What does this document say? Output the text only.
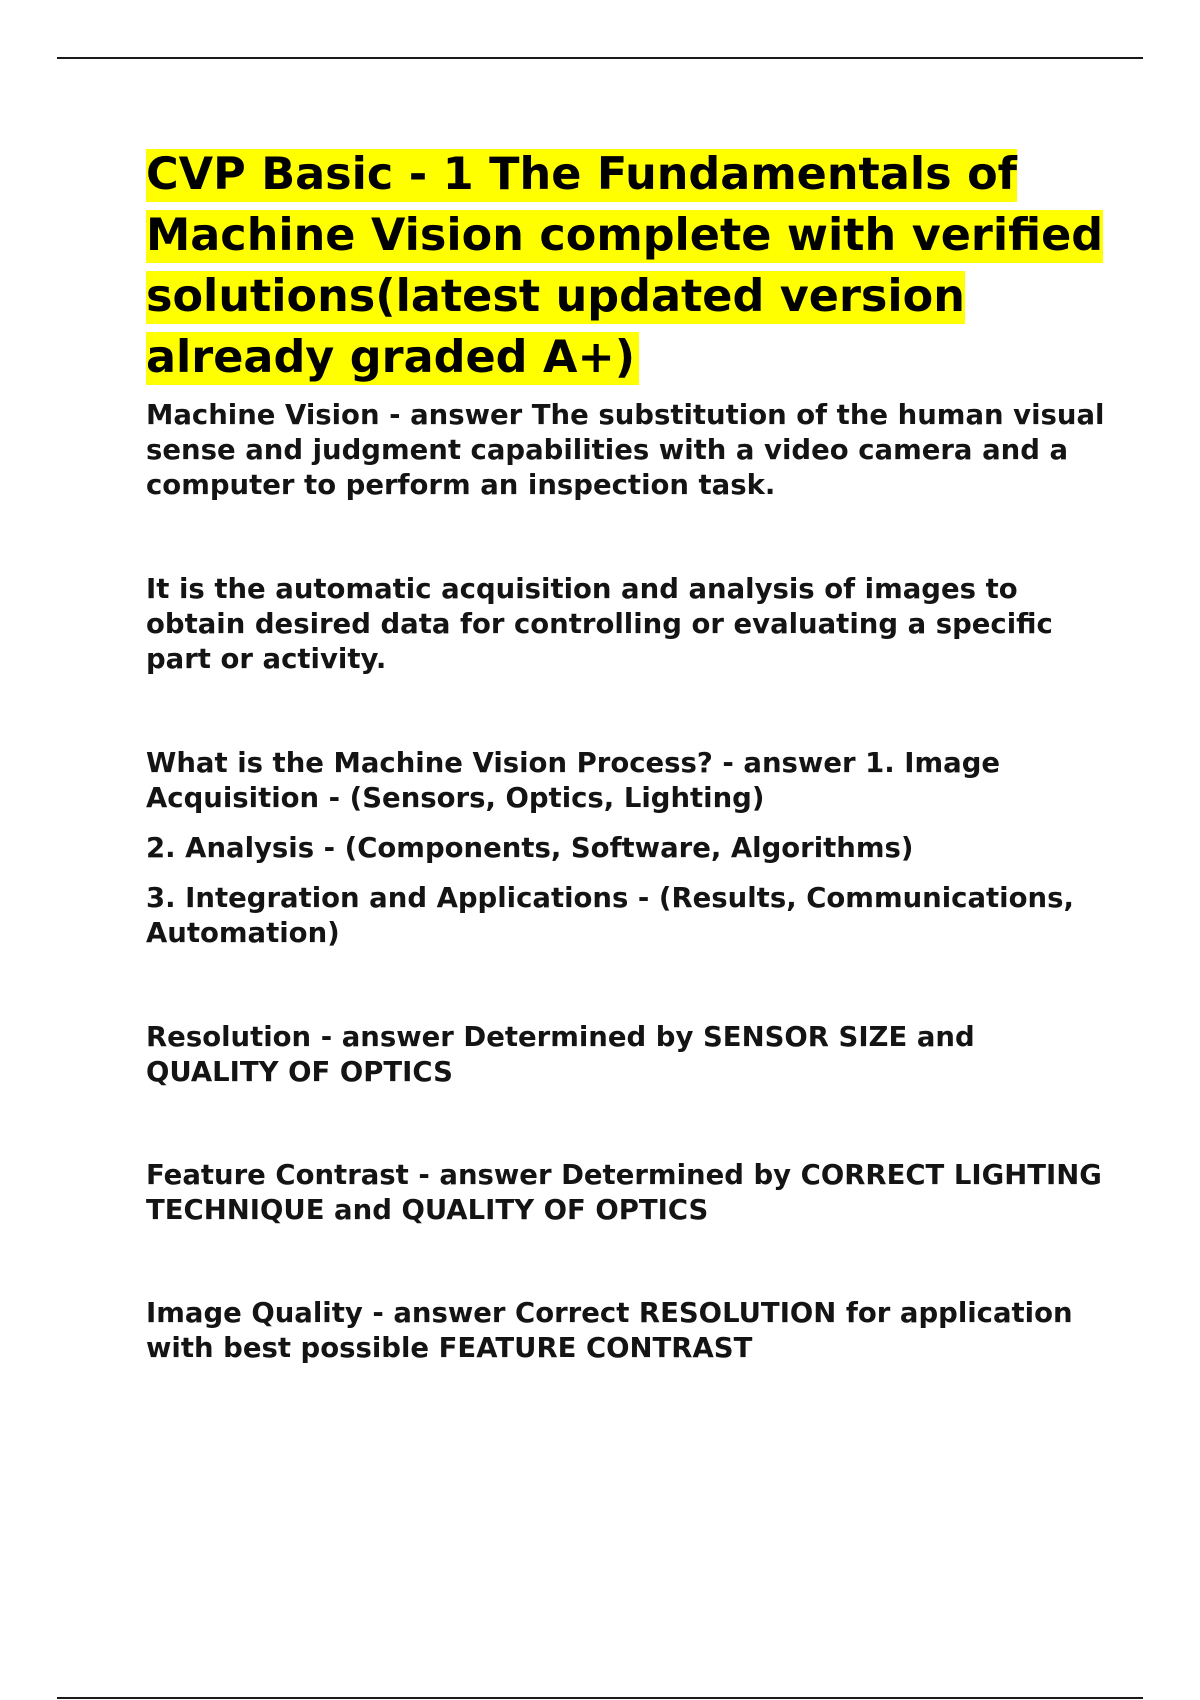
CVP Basic - 1 The Fundamentals of Machine Vision complete with verified solutions(latest updated version already graded A+)

Machine Vision - answer The substitution of the human visual sense and judgment capabilities with a video camera and a computer to perform an inspection task.

It is the automatic acquisition and analysis of images to obtain desired data for controlling or evaluating a specific part or activity.

What is the Machine Vision Process? - answer 1. Image Acquisition - (Sensors, Optics, Lighting)

2. Analysis - (Components, Software, Algorithms)

3. Integration and Applications - (Results, Communications, Automation)

Resolution - answer Determined by SENSOR SIZE and QUALITY OF OPTICS

Feature Contrast - answer Determined by CORRECT LIGHTING TECHNIQUE and QUALITY OF OPTICS

Image Quality - answer Correct RESOLUTION for application with best possible FEATURE CONTRAST
